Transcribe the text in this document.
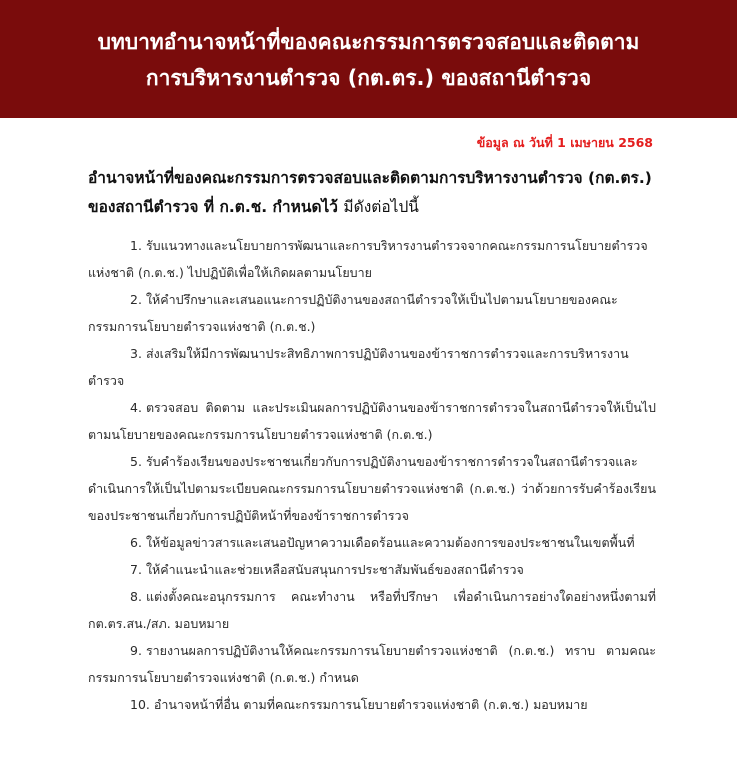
บทบาทอำนาจหน้าที่ของคณะกรรมการตรวจสอบและติดตาม
การบริหารงานตำรวจ (กต.ตร.) ของสถานีตำรวจ
ข้อมูล ณ วันที่ 1 เมษายน 2568
อำนาจหน้าที่ของคณะกรรมการตรวจสอบและติดตามการบริหารงานตำรวจ (กต.ตร.) ของสถานีตำรวจ ที่ ก.ต.ช. กำหนดไว้ มีดังต่อไปนี้
1. รับแนวทางและนโยบายการพัฒนาและการบริหารงานตำรวจจากคณะกรรมการนโยบายตำรวจแห่งชาติ (ก.ต.ช.) ไปปฏิบัติเพื่อให้เกิดผลตามนโยบาย
2. ให้คำปรึกษาและเสนอแนะการปฏิบัติงานของสถานีตำรวจให้เป็นไปตามนโยบายของคณะกรรมการนโยบายตำรวจแห่งชาติ (ก.ต.ช.)
3. ส่งเสริมให้มีการพัฒนาประสิทธิภาพการปฏิบัติงานของข้าราชการตำรวจและการบริหารงานตำรวจ
4. ตรวจสอบ ติดตาม และประเมินผลการปฏิบัติงานของข้าราชการตำรวจในสถานีตำรวจให้เป็นไปตามนโยบายของคณะกรรมการนโยบายตำรวจแห่งชาติ (ก.ต.ช.)
5. รับคำร้องเรียนของประชาชนเกี่ยวกับการปฏิบัติงานของข้าราชการตำรวจในสถานีตำรวจและดำเนินการให้เป็นไปตามระเบียบคณะกรรมการนโยบายตำรวจแห่งชาติ (ก.ต.ช.) ว่าด้วยการรับคำร้องเรียนของประชาชนเกี่ยวกับการปฏิบัติหน้าที่ของข้าราชการตำรวจ
6. ให้ข้อมูลข่าวสารและเสนอปัญหาความเดือดร้อนและความต้องการของประชาชนในเขตพื้นที่
7. ให้คำแนะนำและช่วยเหลือสนับสนุนการประชาสัมพันธ์ของสถานีตำรวจ
8. แต่งตั้งคณะอนุกรรมการ คณะทำงาน หรือที่ปรึกษา เพื่อดำเนินการอย่างใดอย่างหนึ่งตามที่ กต.ตร.สน./สภ. มอบหมาย
9. รายงานผลการปฏิบัติงานให้คณะกรรมการนโยบายตำรวจแห่งชาติ (ก.ต.ช.) ทราบ ตามคณะกรรมการนโยบายตำรวจแห่งชาติ (ก.ต.ช.) กำหนด
10. อำนาจหน้าที่อื่น ตามที่คณะกรรมการนโยบายตำรวจแห่งชาติ (ก.ต.ช.) มอบหมาย
